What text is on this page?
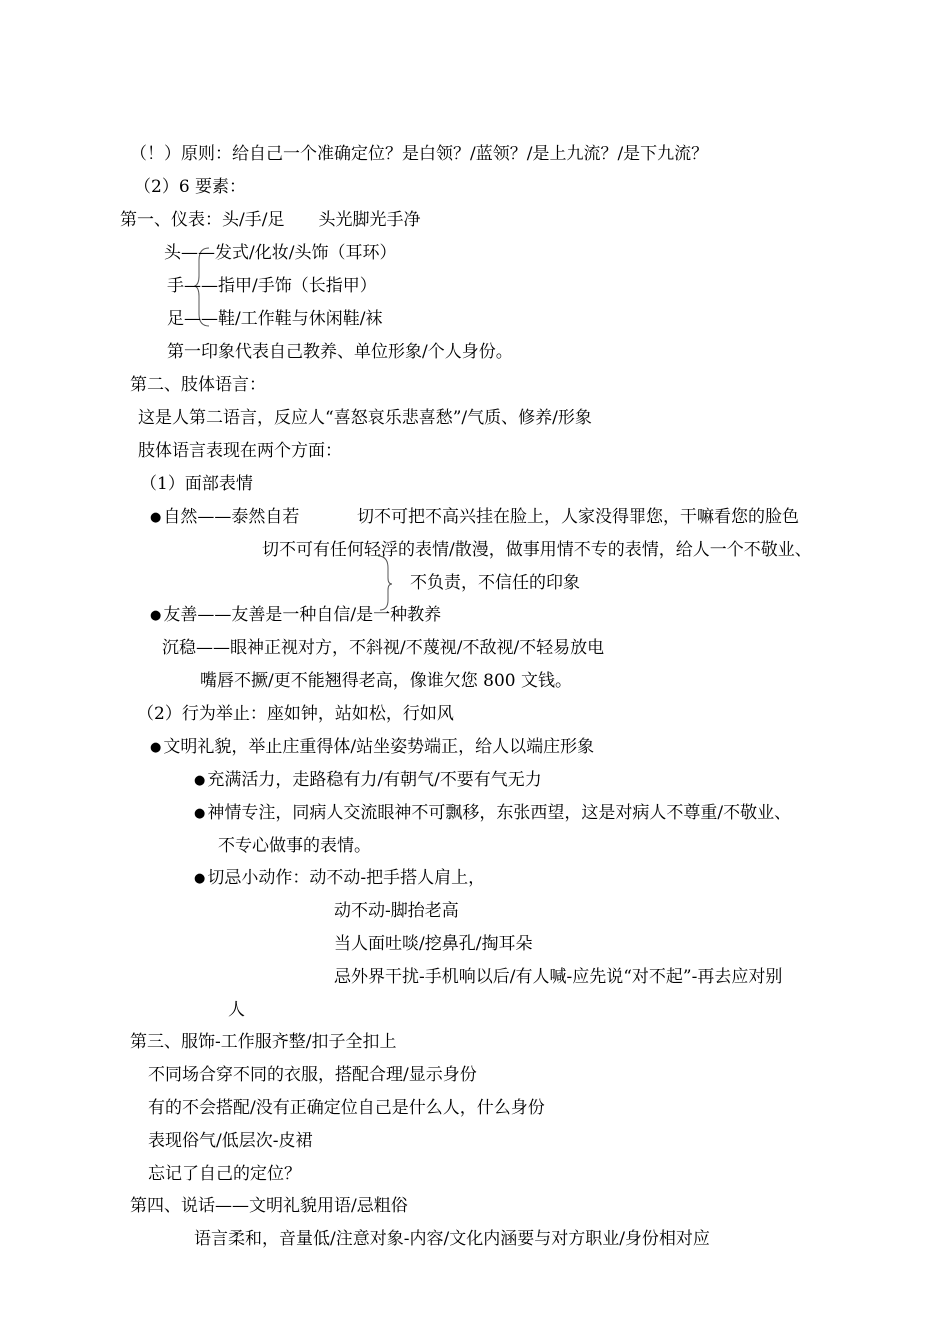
（！）原则：给自己一个准确定位？是白领？/蓝领？/是上九流？/是下九流？

（2）6 要素：

第一、仪表：头/手/足　　头光脚光手净

头——发式/化妆/头饰（耳环）

手——指甲/手饰（长指甲）

足——鞋/工作鞋与休闲鞋/袜

第一印象代表自己教养、单位形象/个人身份。

第二、肢体语言：

这是人第二语言，反应人“喜怒哀乐悲喜愁”/气质、修养/形象

肢体语言表现在两个方面：

（1）面部表情

● 自然——泰然自若	切不可把不高兴挂在脸上，人家没得罪您，干嘛看您的脸色

切不可有任何轻浮的表情/散漫，做事用情不专的表情，给人一个不敬业、

不负责，不信任的印象

● 友善——友善是一种自信/是一种教养

沉稳——眼神正视对方，不斜视/不蔑视/不敌视/不轻易放电

嘴唇不撅/更不能翘得老高，像谁欠您 800 文钱。

（2）行为举止：座如钟，站如松，行如风

● 文明礼貌，举止庄重得体/站坐姿势端正，给人以端庄形象

● 充满活力，走路稳有力/有朝气/不要有气无力

● 神情专注，同病人交流眼神不可飘移，东张西望，这是对病人不尊重/不敬业、

不专心做事的表情。

● 切忌小动作：动不动-把手搭人肩上，

动不动-脚抬老高

当人面吐啖/挖鼻孔/掏耳朵

忌外界干扰-手机响以后/有人喊-应先说“对不起”-再去应对别

人

第三、服饰-工作服齐整/扣子全扣上

不同场合穿不同的衣服，搭配合理/显示身份

有的不会搭配/没有正确定位自己是什么人，什么身份

表现俗气/低层次-皮裙

忘记了自己的定位？

第四、说话——文明礼貌用语/忌粗俗

语言柔和，音量低/注意对象-内容/文化内涵要与对方职业/身份相对应
